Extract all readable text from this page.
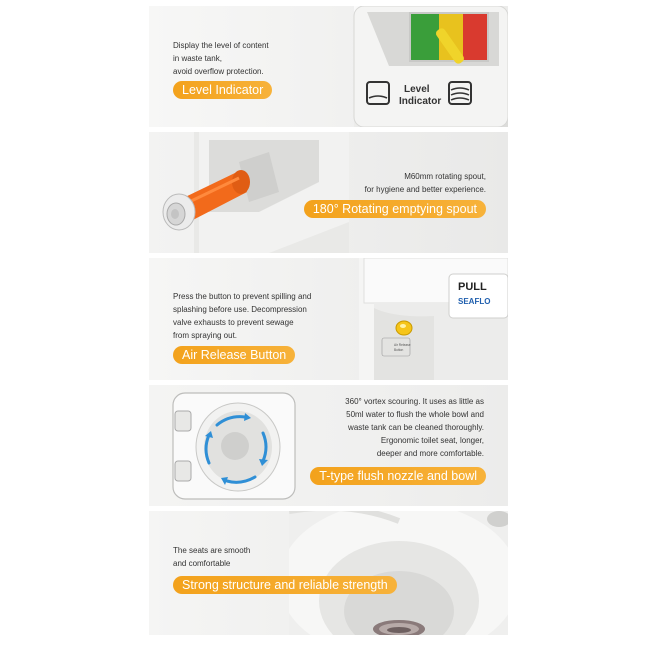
Display the level of content
in waste tank,
avoid overflow protection.
Level Indicator	Level
Indicator
M60mm rotating spout,
for hygiene and better experience.
180° Rotating emptying spout
Press the button to prevent spilling and
splashing before use. Decompression
valve exhausts to prevent sewage
from spraying out.
Air Release Button
PULL
SEAFLO
Air Release
Button
360° vortex scouring. It uses as little as
50ml water to flush the whole bowl and
waste tank can be cleaned thoroughly.
Ergonomic toilet seat, longer,
deeper and more comfortable.
T-type flush nozzle and bowl
The seats are smooth
and comfortable
Strong structure and reliable strength
